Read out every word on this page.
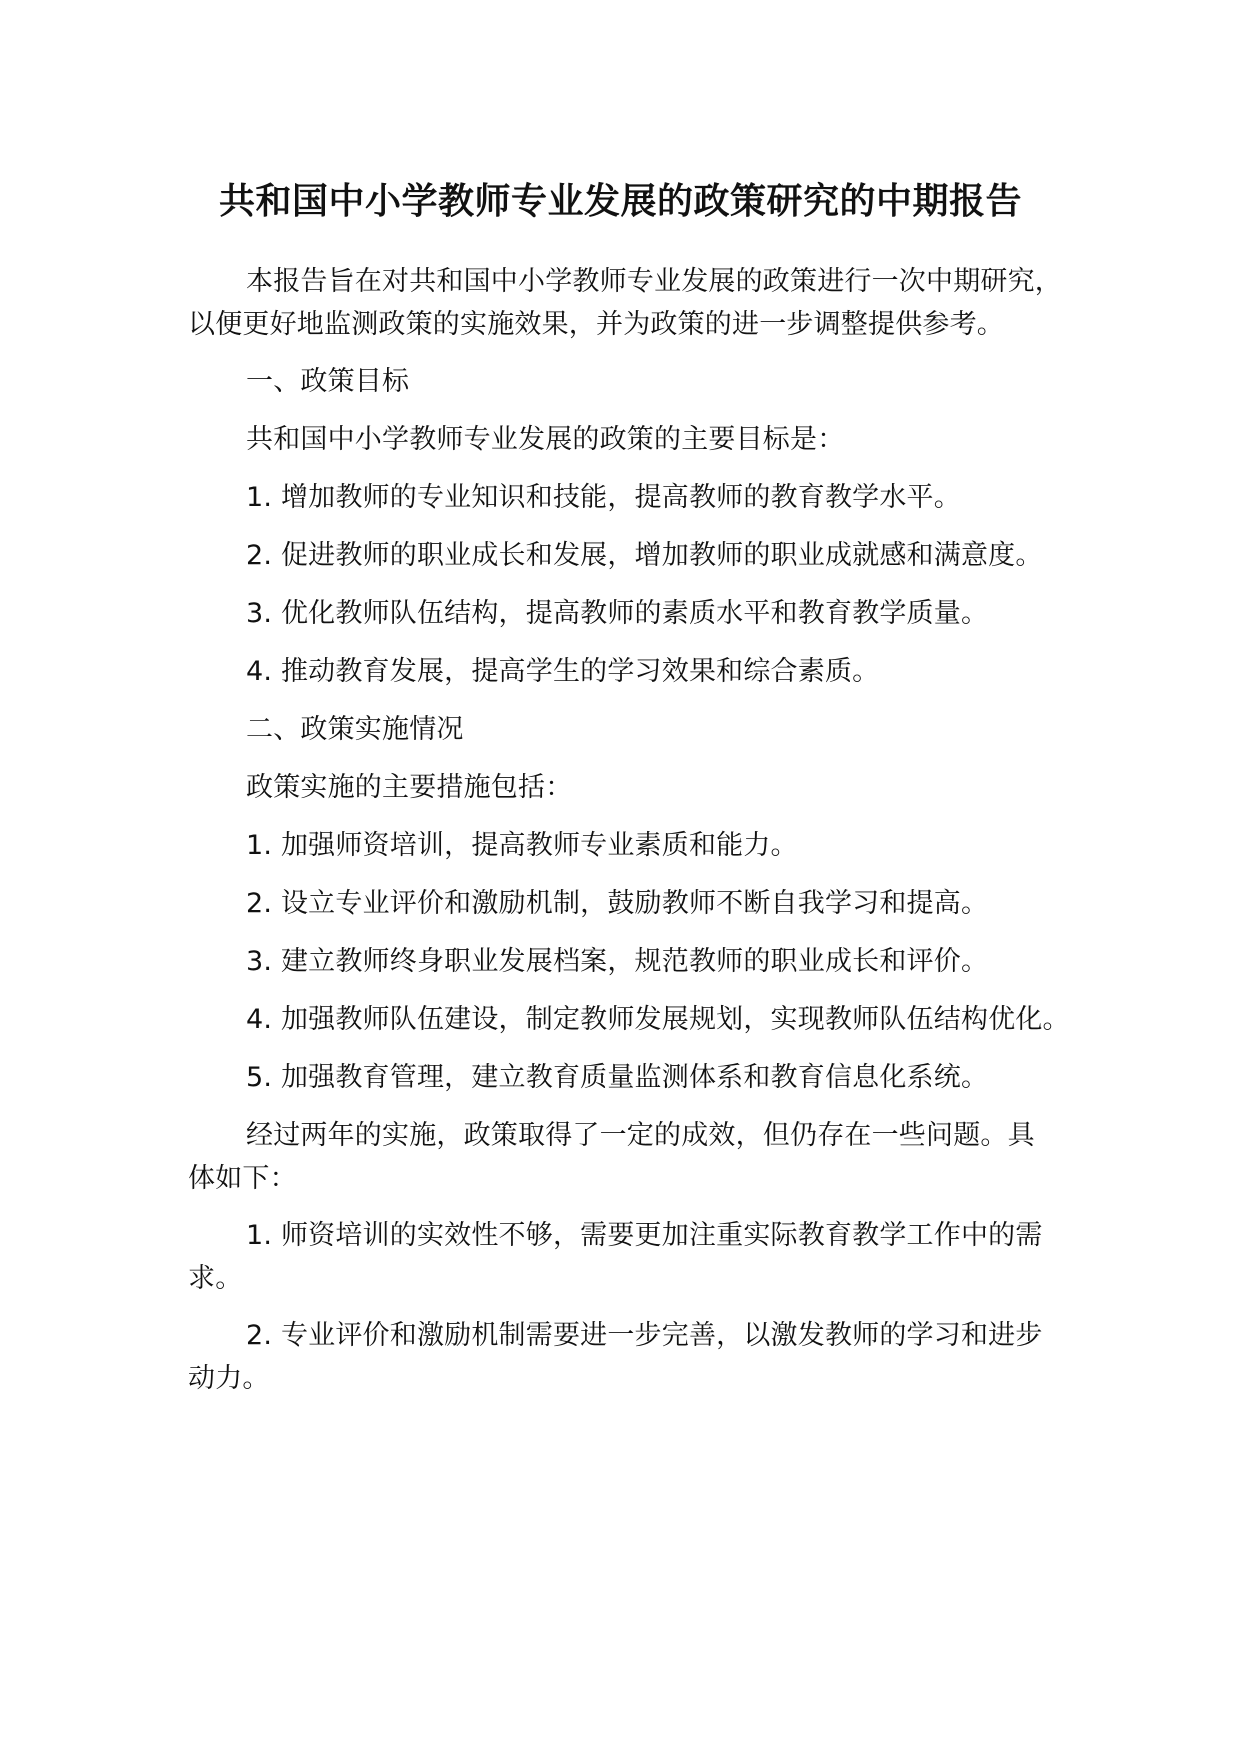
共和国中小学教师专业发展的政策研究的中期报告
本报告旨在对共和国中小学教师专业发展的政策进行一次中期研究，
以便更好地监测政策的实施效果，并为政策的进一步调整提供参考。
一、政策目标
共和国中小学教师专业发展的政策的主要目标是：
1. 增加教师的专业知识和技能，提高教师的教育教学水平。
2. 促进教师的职业成长和发展，增加教师的职业成就感和满意度。
3. 优化教师队伍结构，提高教师的素质水平和教育教学质量。
4. 推动教育发展，提高学生的学习效果和综合素质。
二、政策实施情况
政策实施的主要措施包括：
1. 加强师资培训，提高教师专业素质和能力。
2. 设立专业评价和激励机制，鼓励教师不断自我学习和提高。
3. 建立教师终身职业发展档案，规范教师的职业成长和评价。
4. 加强教师队伍建设，制定教师发展规划，实现教师队伍结构优化。
5. 加强教育管理，建立教育质量监测体系和教育信息化系统。
经过两年的实施，政策取得了一定的成效，但仍存在一些问题。具
体如下：
1. 师资培训的实效性不够，需要更加注重实际教育教学工作中的需
求。
2. 专业评价和激励机制需要进一步完善，以激发教师的学习和进步
动力。
